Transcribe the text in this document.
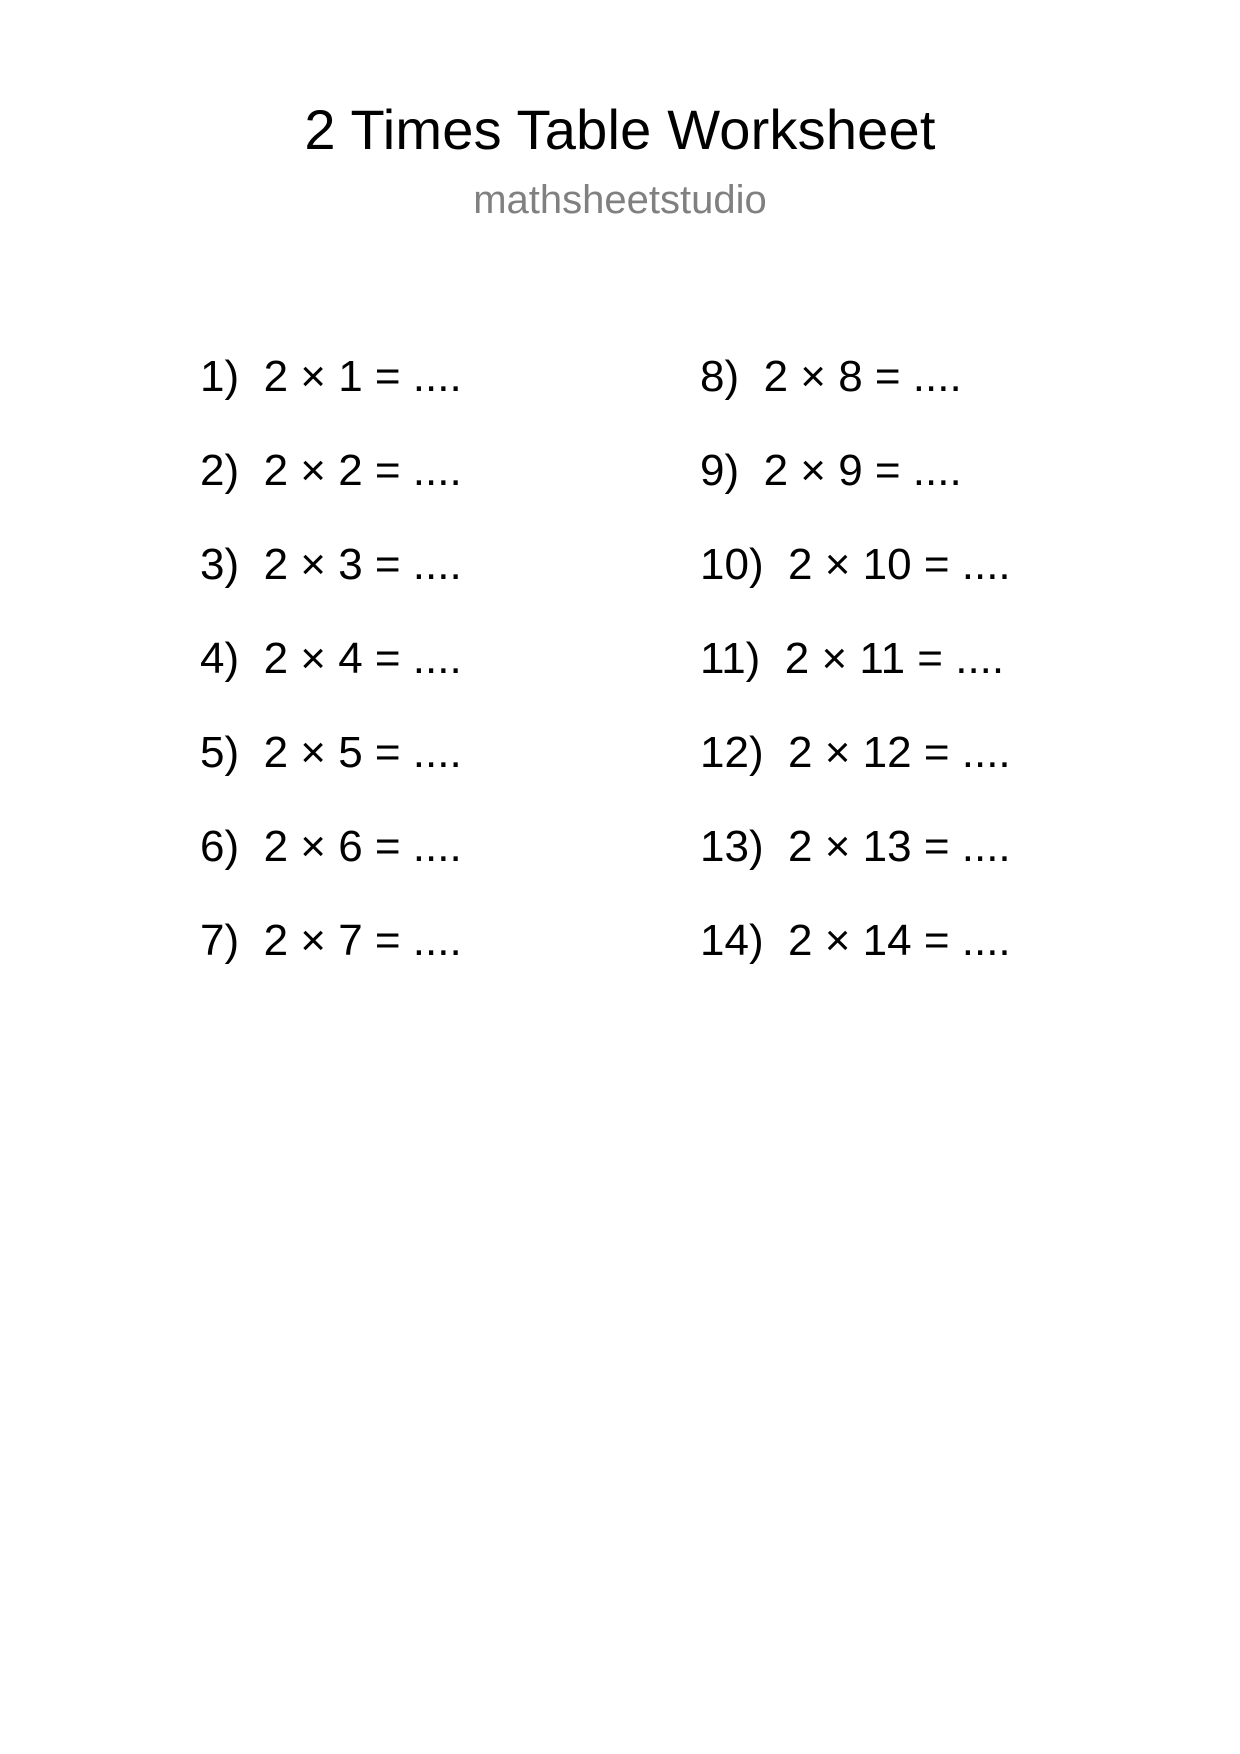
2 Times Table Worksheet
mathsheetstudio
1)  2 × 1 = ....
2)  2 × 2 = ....
3)  2 × 3 = ....
4)  2 × 4 = ....
5)  2 × 5 = ....
6)  2 × 6 = ....
7)  2 × 7 = ....
8)  2 × 8 = ....
9)  2 × 9 = ....
10)  2 × 10 = ....
11)  2 × 11 = ....
12)  2 × 12 = ....
13)  2 × 13 = ....
14)  2 × 14 = ....
